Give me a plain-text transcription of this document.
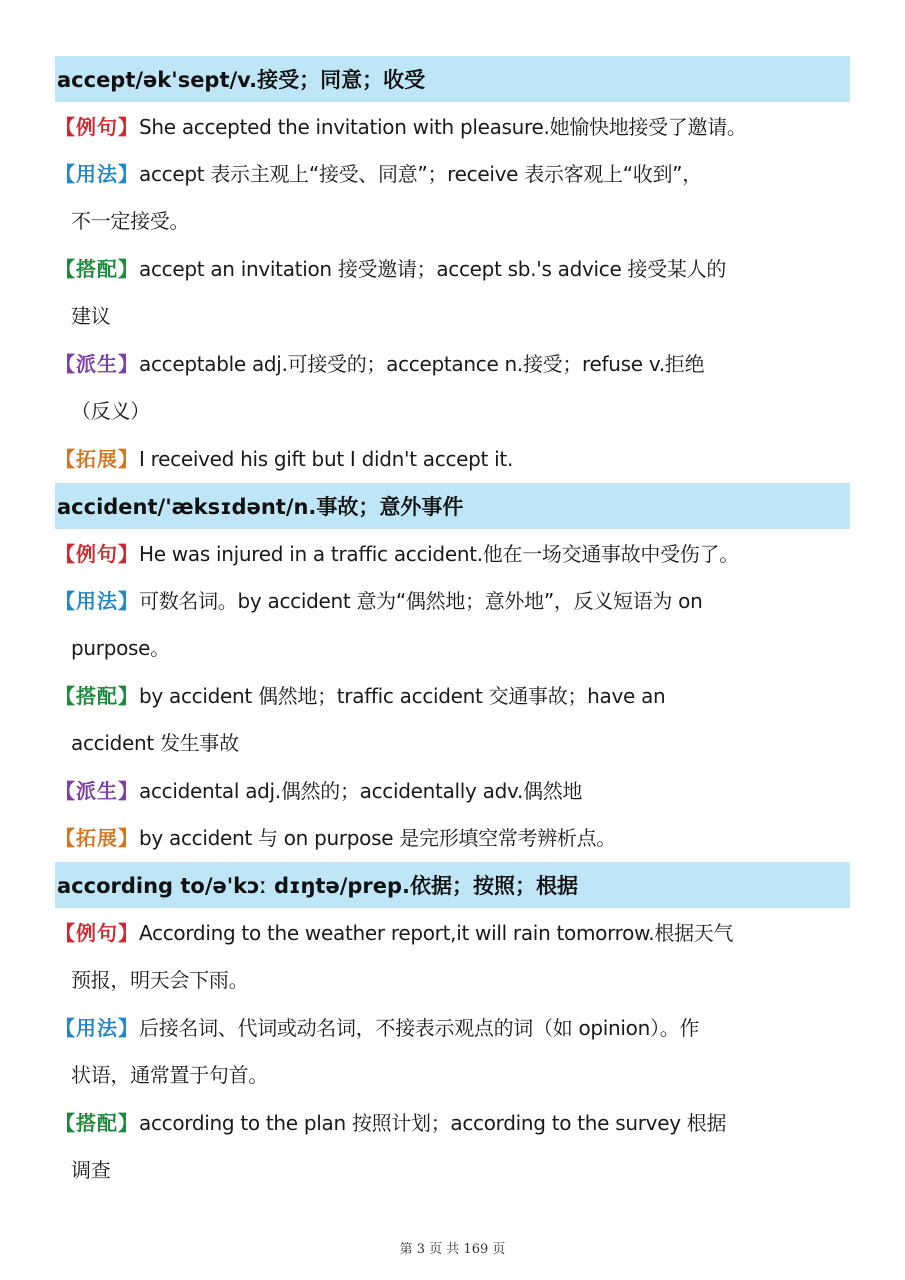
accept/ək'sept/v.接受；同意；收受
【例句】She accepted the invitation with pleasure.她愉快地接受了邀请。
【用法】accept 表示主观上“接受、同意”；receive 表示客观上“收到”，
不一定接受。
【搭配】accept an invitation 接受邀请；accept sb.'s advice 接受某人的
建议
【派生】acceptable adj.可接受的；acceptance n.接受；refuse v.拒绝
（反义）
【拓展】I received his gift but I didn't accept it.
accident/'æksɪdənt/n.事故；意外事件
【例句】He was injured in a traffic accident.他在一场交通事故中受伤了。
【用法】可数名词。by accident 意为“偶然地；意外地”，反义短语为 on
purpose。
【搭配】by accident 偶然地；traffic accident 交通事故；have an
accident 发生事故
【派生】accidental adj.偶然的；accidentally adv.偶然地
【拓展】by accident 与 on purpose 是完形填空常考辨析点。
according to/ə'kɔː dɪŋtə/prep.依据；按照；根据
【例句】According to the weather report,it will rain tomorrow.根据天气
预报，明天会下雨。
【用法】后接名词、代词或动名词，不接表示观点的词（如 opinion）。作
状语，通常置于句首。
【搭配】according to the plan 按照计划；according to the survey 根据
调查
第 3 页 共 169 页
